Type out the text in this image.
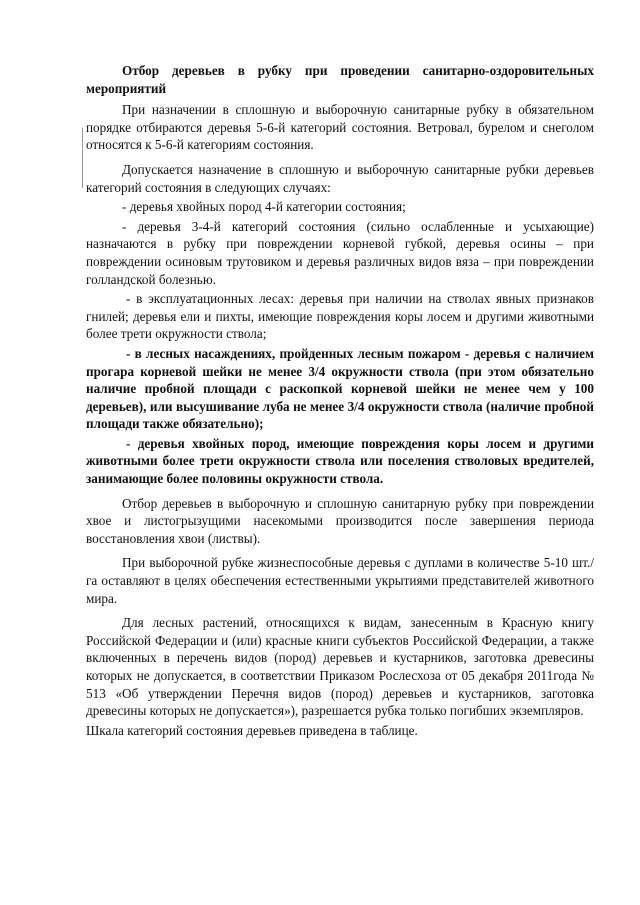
Отбор деревьев в рубку при проведении санитарно-оздоровительных мероприятий

При назначении в сплошную и выборочную санитарные рубку в обязательном порядке отбираются деревья 5-6-й категорий состояния. Ветровал, бурелом и снеголом относятся к 5-6-й категориям состояния.

Допускается назначение в сплошную и выборочную санитарные рубки деревьев категорий состояния в следующих случаях:

- деревья хвойных пород 4-й категории состояния;

- деревья 3-4-й категорий состояния (сильно ослабленные и усыхающие) назначаются в рубку при повреждении корневой губкой, деревья осины – при повреждении осиновым трутовиком и деревья различных видов вяза – при повреждении голландской болезнью.

- в эксплуатационных лесах: деревья при наличии на стволах явных признаков гнилей; деревья ели и пихты, имеющие повреждения коры лосем и другими животными более трети окружности ствола;

- в лесных насаждениях, пройденных лесным пожаром - деревья с наличием прогара корневой шейки не менее 3/4 окружности ствола (при этом обязательно наличие пробной площади с раскопкой корневой шейки не менее чем у 100 деревьев), или высушивание луба не менее 3/4 окружности ствола (наличие пробной площади также обязательно);

- деревья хвойных пород, имеющие повреждения коры лосем и другими животными более трети окружности ствола или поселения стволовых вредителей, занимающие более половины окружности ствола.

Отбор деревьев в выборочную и сплошную санитарную рубку при повреждении хвое и листогрызущими насекомыми производится после завершения периода восстановления хвои (листвы).

При выборочной рубке жизнеспособные деревья с дуплами в количестве 5-10 шт./га оставляют в целях обеспечения естественными укрытиями представителей животного мира.

Для лесных растений, относящихся к видам, занесенным в Красную книгу Российской Федерации и (или) красные книги субъектов Российской Федерации, а также включенных в перечень видов (пород) деревьев и кустарников, заготовка древесины которых не допускается, в соответствии Приказом Рослесхоза от 05 декабря 2011года № 513 «Об утверждении Перечня видов (пород) деревьев и кустарников, заготовка древесины которых не допускается»), разрешается рубка только погибших экземпляров.

Шкала категорий состояния деревьев приведена в таблице.
